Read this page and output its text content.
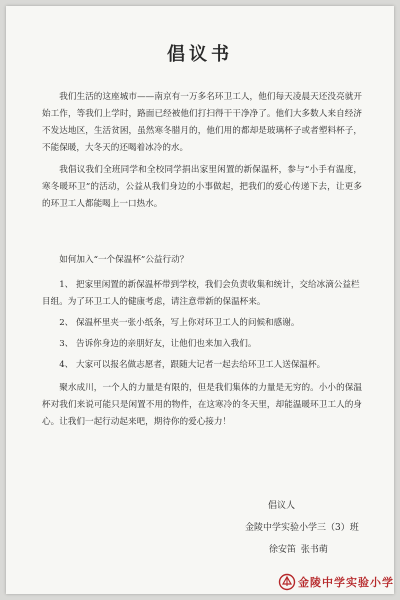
倡议书
我们生活的这座城市——南京有一万多名环卫工人，他们每天凌晨天还没亮就开始工作，等我们上学时，路面已经被他们打扫得干干净净了。他们大多数人来自经济不发达地区，生活贫困，虽然寒冬腊月的，他们用的都却是玻璃杯子或者塑料杯子，不能保暖，大冬天的还喝着冰冷的水。
我倡议我们全班同学和全校同学捐出家里闲置的新保温杯，参与“小手有温度，寒冬暖环卫”的活动，公益从我们身边的小事做起，把我们的爱心传递下去，让更多的环卫工人都能喝上一口热水。
如何加入“一个保温杯”公益行动？
1、 把家里闲置的新保温杯带到学校，我们会负责收集和统计，交给冰滴公益栏目组。为了环卫工人的健康考虑，请注意带新的保温杯来。
2、 保温杯里夹一张小纸条，写上你对环卫工人的问候和感谢。
3、 告诉你身边的亲朋好友，让他们也来加入我们。
4、 大家可以报名做志愿者，跟随大记者一起去给环卫工人送保温杯。
聚水成川，一个人的力量是有限的，但是我们集体的力量是无穷的。小小的保温杯对我们来说可能只是闲置不用的物件，在这寒冷的冬天里，却能温暖环卫工人的身心。让我们一起行动起来吧，期待你的爱心接力！
倡议人
金陵中学实验小学三（3）班
徐安笛 张书萌
金陵中学实验小学
